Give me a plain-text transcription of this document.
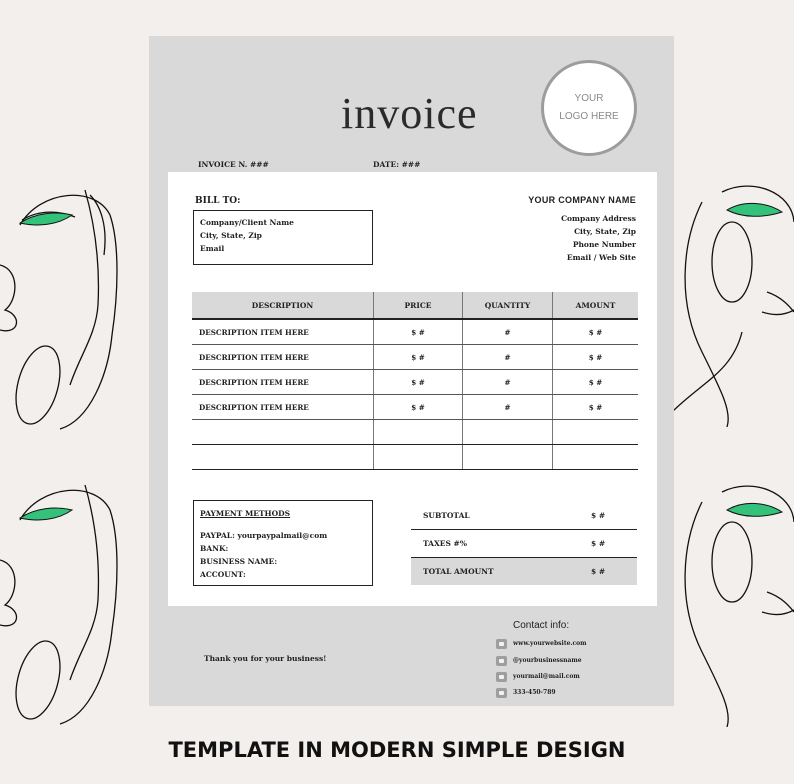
invoice	YOUR LOGO HERE
INVOICE N. ###	DATE: ###
BILL TO:
Company/Client Name
City, State, Zip
Email
YOUR COMPANY NAME
Company Address
City, State, Zip
Phone Number
Email / Web Site
DESCRIPTION	PRICE	QUANTITY	AMOUNT
DESCRIPTION ITEM HERE	$ #	#	$ #
DESCRIPTION ITEM HERE	$ #	#	$ #
DESCRIPTION ITEM HERE	$ #	#	$ #
DESCRIPTION ITEM HERE	$ #	#	$ #

PAYMENT METHODS
PAYPAL: yourpaypalmail@com
BANK:
BUSINESS NAME:
ACCOUNT:
SUBTOTAL	$ #
TAXES #%	$ #
TOTAL AMOUNT	$ #
Contact info:
www.yourwebsite.com
@yourbusinessname
yourmail@mail.com
333-450-789
Thank you for your business!
TEMPLATE IN MODERN SIMPLE DESIGN
